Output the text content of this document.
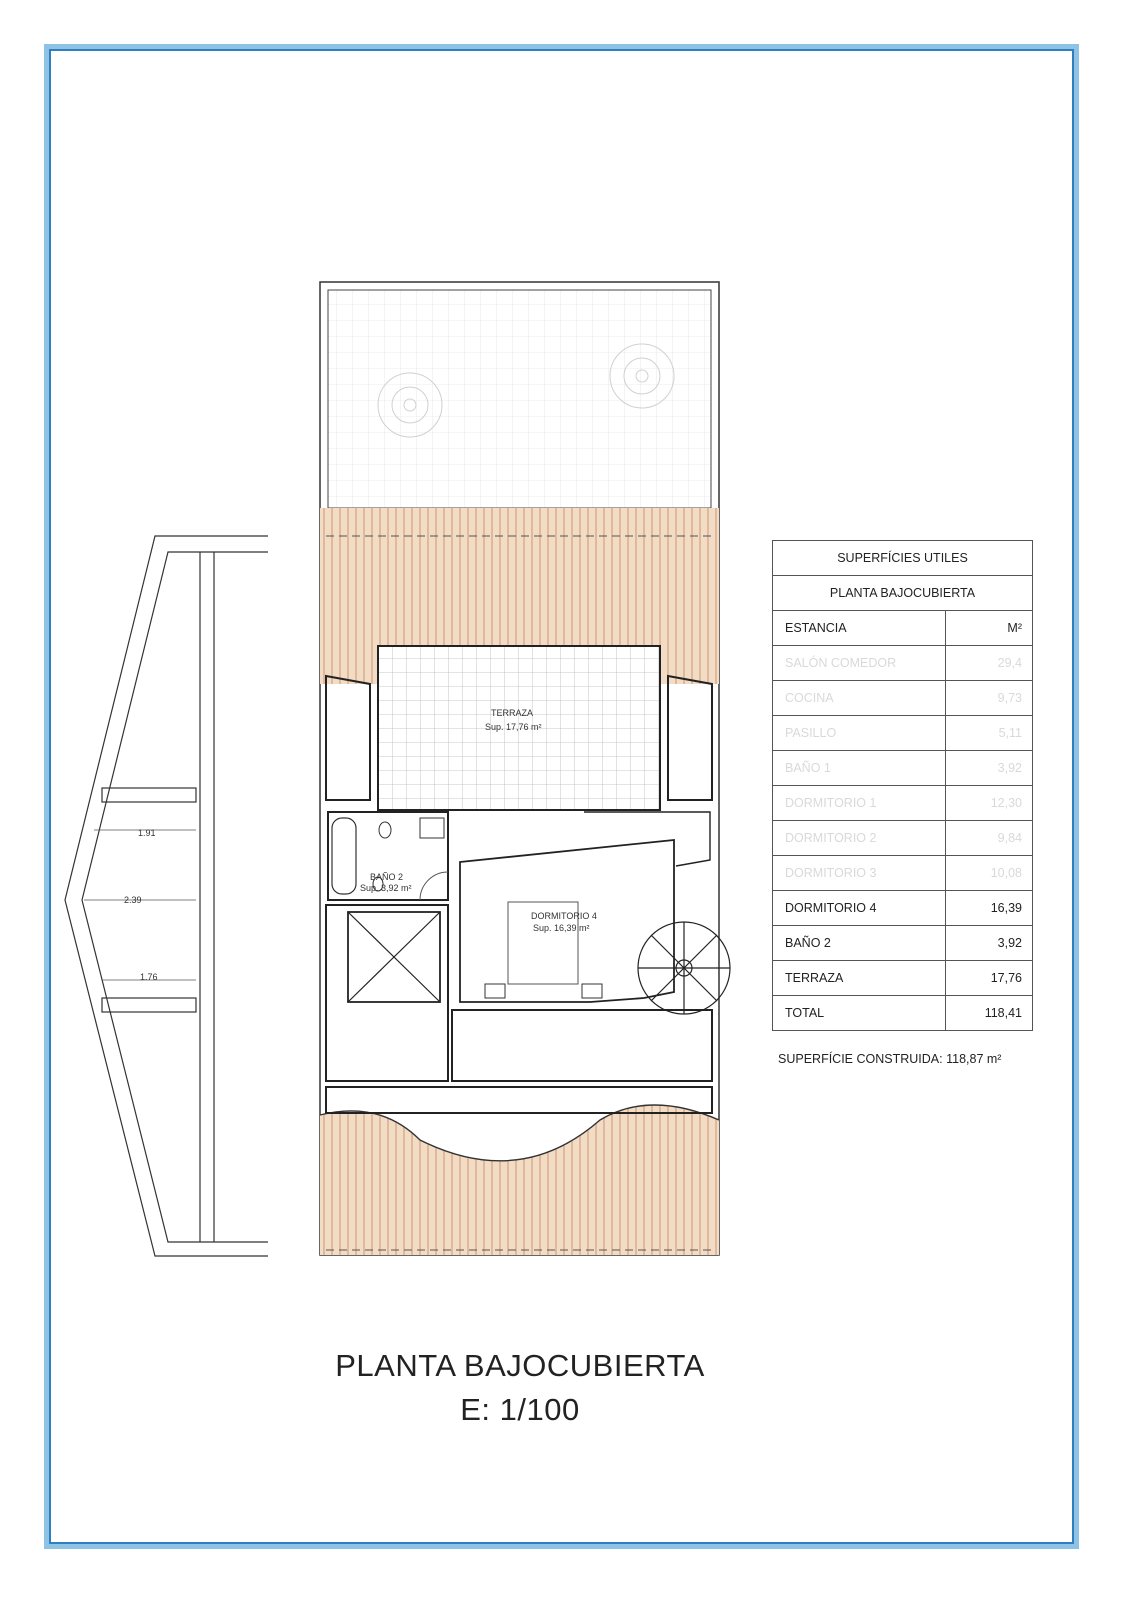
1.91
2.39
1.76
TERRAZA
Sup. 17,76 m²
BAÑO 2
Sup. 3,92 m²
DORMITORIO 4
Sup. 16,39 m²
SUPERFÍCIES UTILES
PLANTA BAJOCUBIERTA
ESTANCIA	M²
SALÓN COMEDOR	29,4
COCINA	9,73
PASILLO	5,11
BAÑO 1	3,92
DORMITORIO 1	12,30
DORMITORIO 2	9,84
DORMITORIO 3	10,08
DORMITORIO 4	16,39
BAÑO 2	3,92
TERRAZA	17,76
TOTAL	118,41
SUPERFÍCIE CONSTRUIDA: 118,87 m²
PLANTA BAJOCUBIERTA
E: 1/100
